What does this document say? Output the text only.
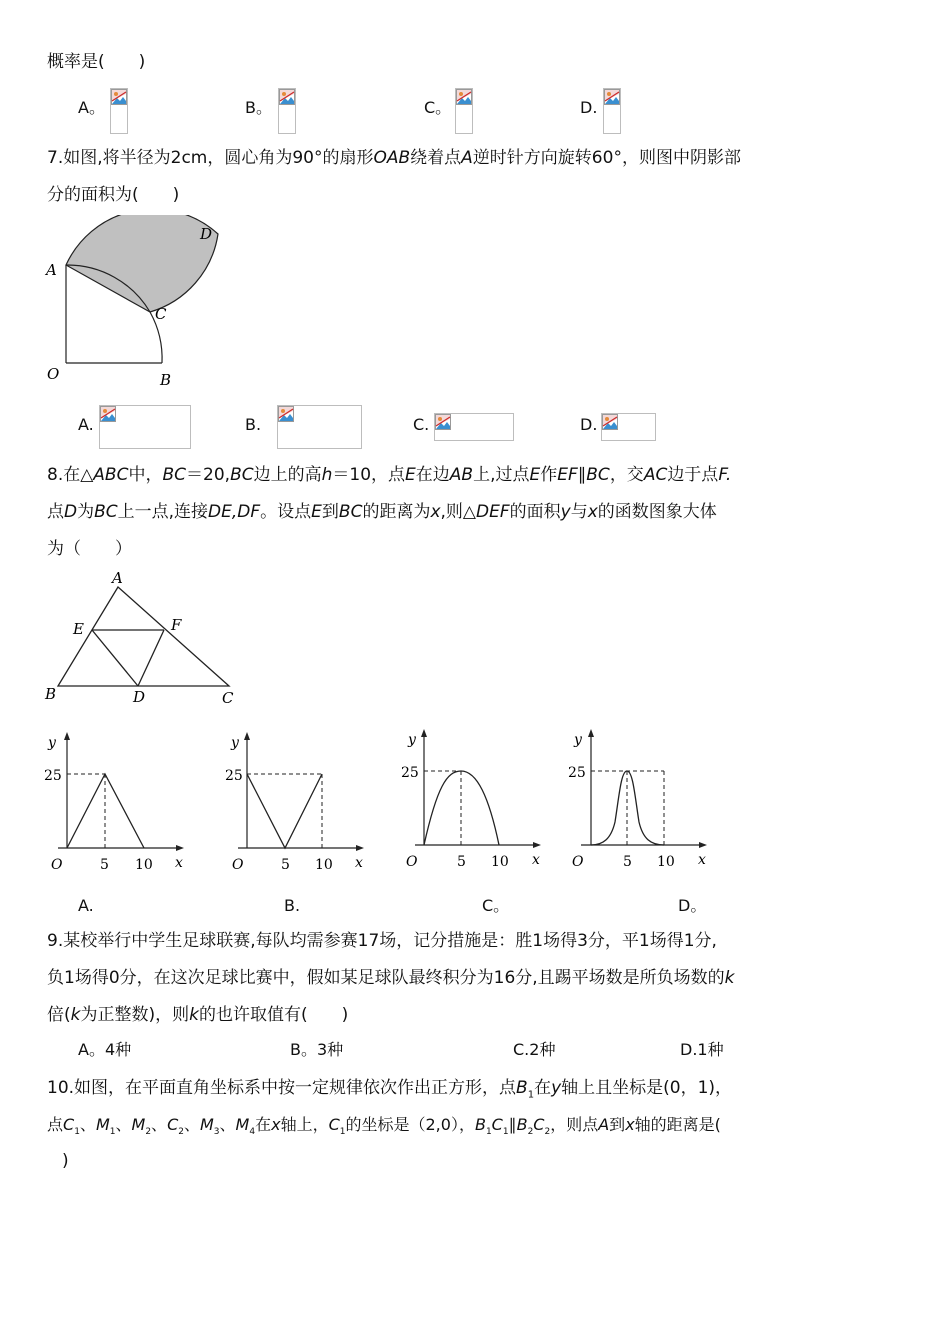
概率是(　　)
A。	B。	C。	D.
7.如图,将半径为2cm，圆心角为90°的扇形OAB绕着点A逆时针方向旋转60°，则图中阴影部
分的面积为(　　)
A
D
C
O	B
A.	B.	C.	D.
8.在△ABC中，BC＝20,BC边上的高h＝10，点E在边AB上,过点E作EF∥BC，交AC边于点F.
点D为BC上一点,连接DE,DF。设点E到BC的距离为x,则△DEF的面积y与x的函数图象大体
为（　　）
A
E	F
B	D	C
y
25
O	5 10 x
y
25
O	5 10 x
y
25
O	5 10 x
y
25
O	5 10 x
A.	B.	C。	D。
9.某校举行中学生足球联赛,每队均需参赛17场，记分措施是：胜1场得3分，平1场得1分,
负1场得0分，在这次足球比赛中，假如某足球队最终积分为16分,且踢平场数是所负场数的k
倍(k为正整数)，则k的也许取值有(　　)
A。4种	B。3种	C.2种	D.1种
10.如图，在平面直角坐标系中按一定规律依次作出正方形，点$B_1$在y轴上且坐标是(0，1)，
点$C_1$、$M_1$、$M_2$、$C_2$、$M_3$、$M_4$在x轴上，$C_1$的坐标是（2,0），$B_1C_1\parallel B_2C_2$，则点A到x轴的距离是(
)
